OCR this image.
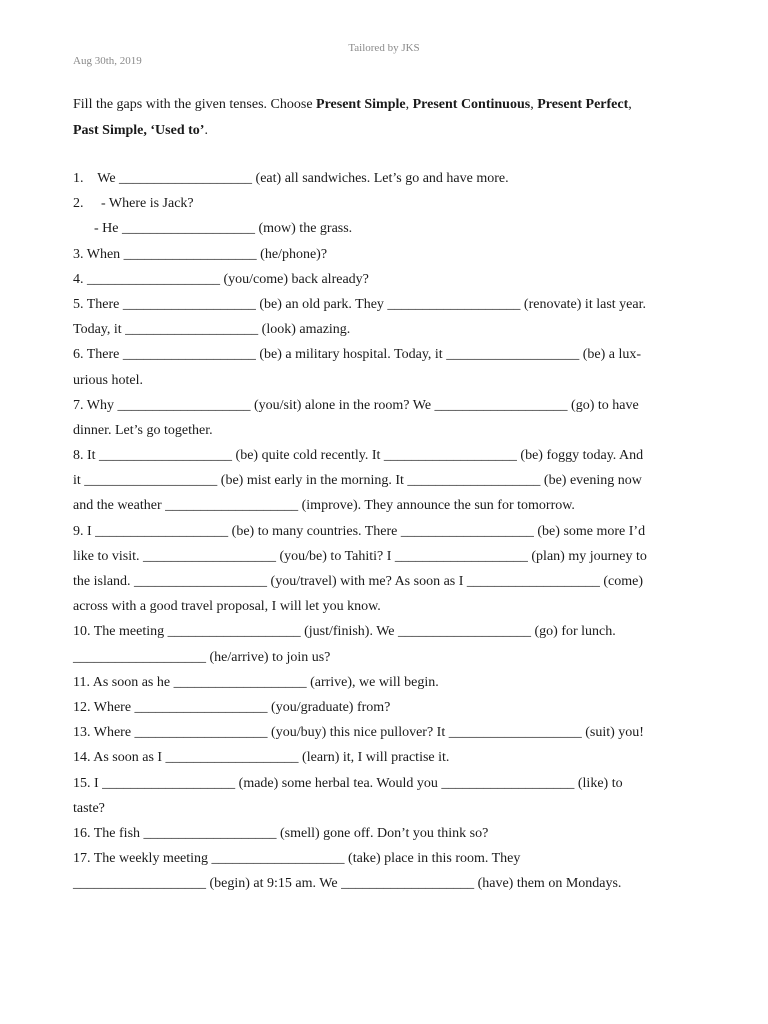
Tailored by JKS
Aug 30th, 2019
Fill the gaps with the given tenses. Choose Present Simple, Present Continuous, Present Perfect,
Past Simple, ‘Used to’.
1.    We ___________________ (eat) all sandwiches. Let’s go and have more.
2.     - Where is Jack?
- He ___________________ (mow) the grass.
3. When ___________________ (he/phone)?
4. ___________________ (you/come) back already?
5. There ___________________ (be) an old park. They ___________________ (renovate) it last year.
Today, it ___________________ (look) amazing.
6. There ___________________ (be) a military hospital. Today, it ___________________ (be) a lux-
urious hotel.
7. Why ___________________ (you/sit) alone in the room? We ___________________ (go) to have
dinner. Let’s go together.
8. It ___________________ (be) quite cold recently. It ___________________ (be) foggy today. And
it ___________________ (be) mist early in the morning. It ___________________ (be) evening now
and the weather ___________________ (improve). They announce the sun for tomorrow.
9. I ___________________ (be) to many countries. There ___________________ (be) some more I’d
like to visit. ___________________ (you/be) to Tahiti? I ___________________ (plan) my journey to
the island. ___________________ (you/travel) with me? As soon as I ___________________ (come)
across with a good travel proposal, I will let you know.
10. The meeting ___________________ (just/finish). We ___________________ (go) for lunch.
___________________ (he/arrive) to join us?
11. As soon as he ___________________ (arrive), we will begin.
12. Where ___________________ (you/graduate) from?
13. Where ___________________ (you/buy) this nice pullover? It ___________________ (suit) you!
14. As soon as I ___________________ (learn) it, I will practise it.
15. I ___________________ (made) some herbal tea. Would you ___________________ (like) to
taste?
16. The fish ___________________ (smell) gone off. Don’t you think so?
17. The weekly meeting ___________________ (take) place in this room. They
___________________ (begin) at 9:15 am. We ___________________ (have) them on Mondays.
